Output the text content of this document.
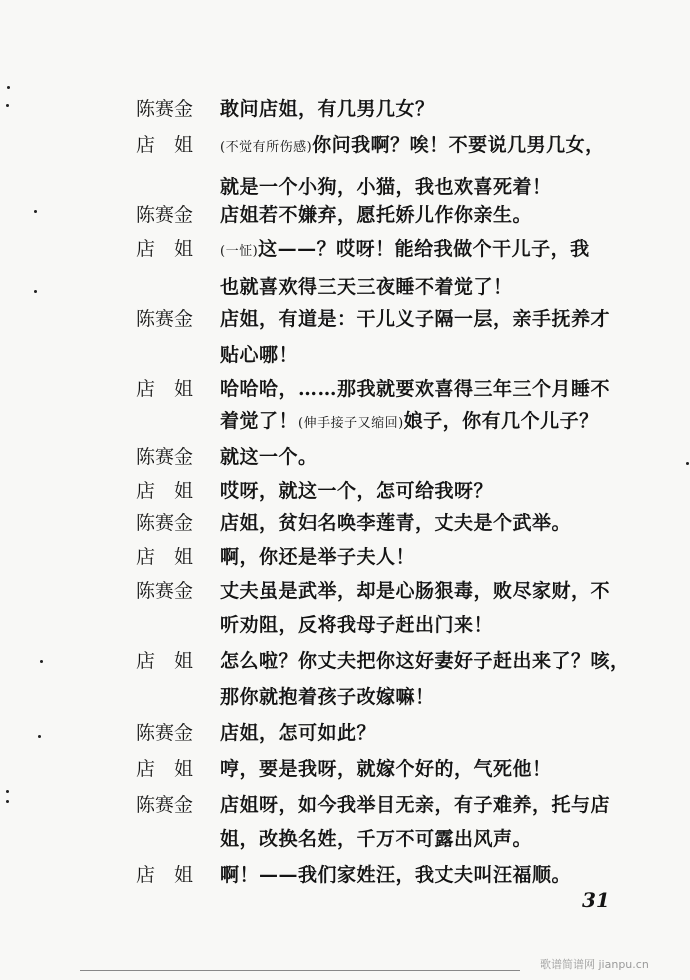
陈赛金 敢问店姐，有几男几女？
店　姐 (不觉有所伤感)你问我啊？唉！不要说几男几女，
就是一个小狗，小猫，我也欢喜死着！
陈赛金 店姐若不嫌弃，愿托娇儿作你亲生。
店　姐 (一怔)这——？哎呀！能给我做个干儿子，我
也就喜欢得三天三夜睡不着觉了！
陈赛金 店姐，有道是：干儿义子隔一层，亲手抚养才
贴心哪！
店　姐 哈哈哈，……那我就要欢喜得三年三个月睡不
着觉了！(伸手接子又缩回)娘子，你有几个儿子？
陈赛金 就这一个。
店　姐 哎呀，就这一个，怎可给我呀？
陈赛金 店姐，贫妇名唤李莲青，丈夫是个武举。
店　姐 啊，你还是举子夫人！
陈赛金 丈夫虽是武举，却是心肠狠毒，败尽家财，不
听劝阻，反将我母子赶出门来！
店　姐 怎么啦？你丈夫把你这好妻好子赶出来了？咳，
那你就抱着孩子改嫁嘛！
陈赛金 店姐，怎可如此？
店　姐 哼，要是我呀，就嫁个好的，气死他！
陈赛金 店姐呀，如今我举目无亲，有子难养，托与店
姐，改换名姓，千万不可露出风声。
店　姐 啊！——我们家姓汪，我丈夫叫汪福顺。
31
歌谱简谱网 jianpu.cn
